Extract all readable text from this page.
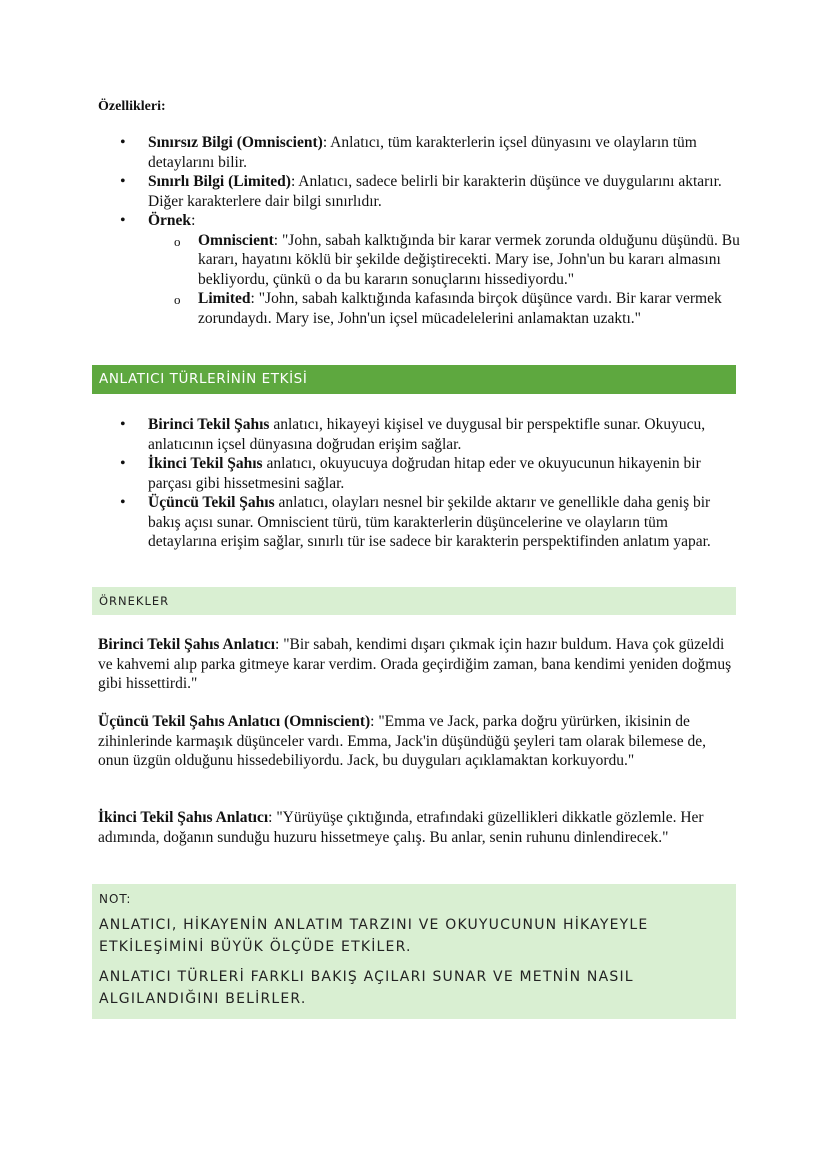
Özellikleri:
• Sınırsız Bilgi (Omniscient): Anlatıcı, tüm karakterlerin içsel dünyasını ve olayların tüm detaylarını bilir.
• Sınırlı Bilgi (Limited): Anlatıcı, sadece belirli bir karakterin düşünce ve duygularını aktarır. Diğer karakterlere dair bilgi sınırlıdır.
• Örnek:
o Omniscient: "John, sabah kalktığında bir karar vermek zorunda olduğunu düşündü. Bu kararı, hayatını köklü bir şekilde değiştirecekti. Mary ise, John'un bu kararı almasını bekliyordu, çünkü o da bu kararın sonuçlarını hissediyordu."
o Limited: "John, sabah kalktığında kafasında birçok düşünce vardı. Bir karar vermek zorundaydı. Mary ise, John'un içsel mücadelelerini anlamaktan uzaktı."
ANLATICI TÜRLERİNİN ETKİSİ
• Birinci Tekil Şahıs anlatıcı, hikayeyi kişisel ve duygusal bir perspektifle sunar. Okuyucu, anlatıcının içsel dünyasına doğrudan erişim sağlar.
• İkinci Tekil Şahıs anlatıcı, okuyucuya doğrudan hitap eder ve okuyucunun hikayenin bir parçası gibi hissetmesini sağlar.
• Üçüncü Tekil Şahıs anlatıcı, olayları nesnel bir şekilde aktarır ve genellikle daha geniş bir bakış açısı sunar. Omniscient türü, tüm karakterlerin düşüncelerine ve olayların tüm detaylarına erişim sağlar, sınırlı tür ise sadece bir karakterin perspektifinden anlatım yapar.
ÖRNEKLER

Birinci Tekil Şahıs Anlatıcı: "Bir sabah, kendimi dışarı çıkmak için hazır buldum. Hava çok güzeldi ve kahvemi alıp parka gitmeye karar verdim. Orada geçirdiğim zaman, bana kendimi yeniden doğmuş gibi hissettirdi."

Üçüncü Tekil Şahıs Anlatıcı (Omniscient): "Emma ve Jack, parka doğru yürürken, ikisinin de zihinlerinde karmaşık düşünceler vardı. Emma, Jack'in düşündüğü şeyleri tam olarak bilemese de, onun üzgün olduğunu hissedebiliyordu. Jack, bu duyguları açıklamaktan korkuyordu."

İkinci Tekil Şahıs Anlatıcı: "Yürüyüşe çıktığında, etrafındaki güzellikleri dikkatle gözlemle. Her adımında, doğanın sunduğu huzuru hissetmeye çalış. Bu anlar, senin ruhunu dinlendirecek."

NOT:
ANLATICI, HİKAYENİN ANLATIM TARZINI VE OKUYUCUNUN HİKAYEYLE ETKİLEŞİMİNİ BÜYÜK ÖLÇÜDE ETKİLER.
ANLATICI TÜRLERİ FARKLI BAKIŞ AÇILARI SUNAR VE METNİN NASIL ALGILANDIĞINI BELİRLER.
